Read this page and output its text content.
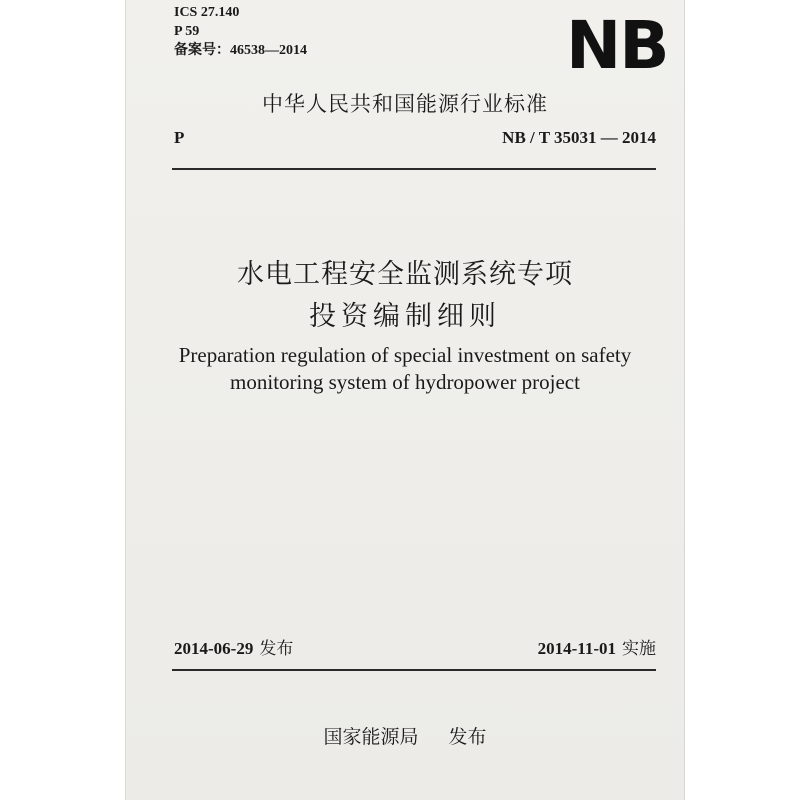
ICS 27.140
P 59
备案号：46538—2014	NB
中华人民共和国能源行业标准
P	NB / T 35031 — 2014
水电工程安全监测系统专项
投资编制细则
Preparation regulation of special investment on safety
monitoring system of hydropower project
2014-06-29 发布	2014-11-01 实施
国家能源局 发布
